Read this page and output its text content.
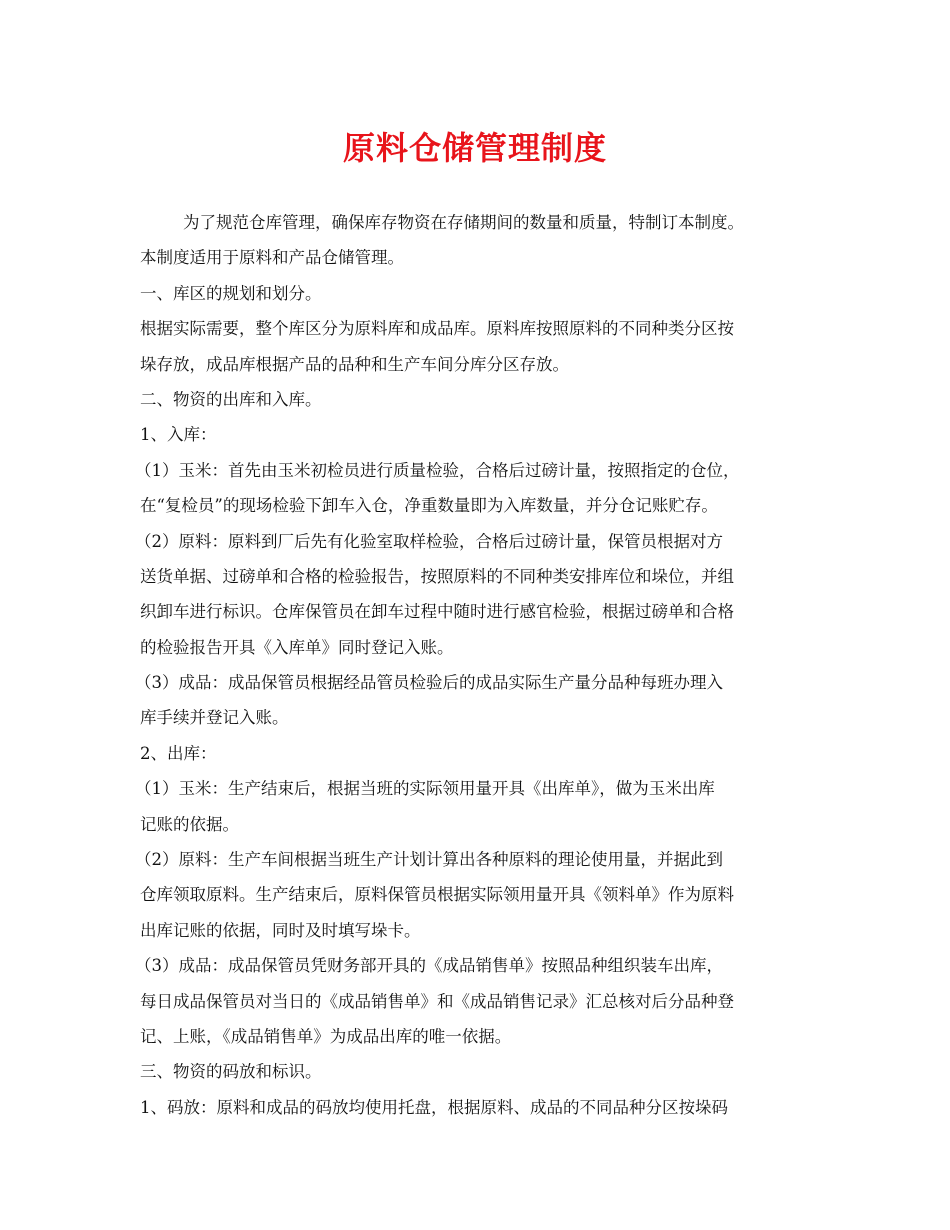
原料仓储管理制度

为了规范仓库管理，确保库存物资在存储期间的数量和质量，特制订本制度。

本制度适用于原料和产品仓储管理。

一、库区的规划和划分。

根据实际需要，整个库区分为原料库和成品库。原料库按照原料的不同种类分区按

垛存放，成品库根据产品的品种和生产车间分库分区存放。

二、物资的出库和入库。

1、入库：

（1）玉米：首先由玉米初检员进行质量检验，合格后过磅计量，按照指定的仓位，

在“复检员”的现场检验下卸车入仓，净重数量即为入库数量，并分仓记账贮存。

（2）原料：原料到厂后先有化验室取样检验，合格后过磅计量，保管员根据对方

送货单据、过磅单和合格的检验报告，按照原料的不同种类安排库位和垛位，并组

织卸车进行标识。仓库保管员在卸车过程中随时进行感官检验，根据过磅单和合格

的检验报告开具《入库单》同时登记入账。

（3）成品：成品保管员根据经品管员检验后的成品实际生产量分品种每班办理入

库手续并登记入账。

2、出库：

（1）玉米：生产结束后，根据当班的实际领用量开具《出库单》，做为玉米出库

记账的依据。

（2）原料：生产车间根据当班生产计划计算出各种原料的理论使用量，并据此到

仓库领取原料。生产结束后，原料保管员根据实际领用量开具《领料单》作为原料

出库记账的依据，同时及时填写垛卡。

（3）成品：成品保管员凭财务部开具的《成品销售单》按照品种组织装车出库，

每日成品保管员对当日的《成品销售单》和《成品销售记录》汇总核对后分品种登

记、上账，《成品销售单》为成品出库的唯一依据。

三、物资的码放和标识。

1、码放：原料和成品的码放均使用托盘，根据原料、成品的不同品种分区按垛码
